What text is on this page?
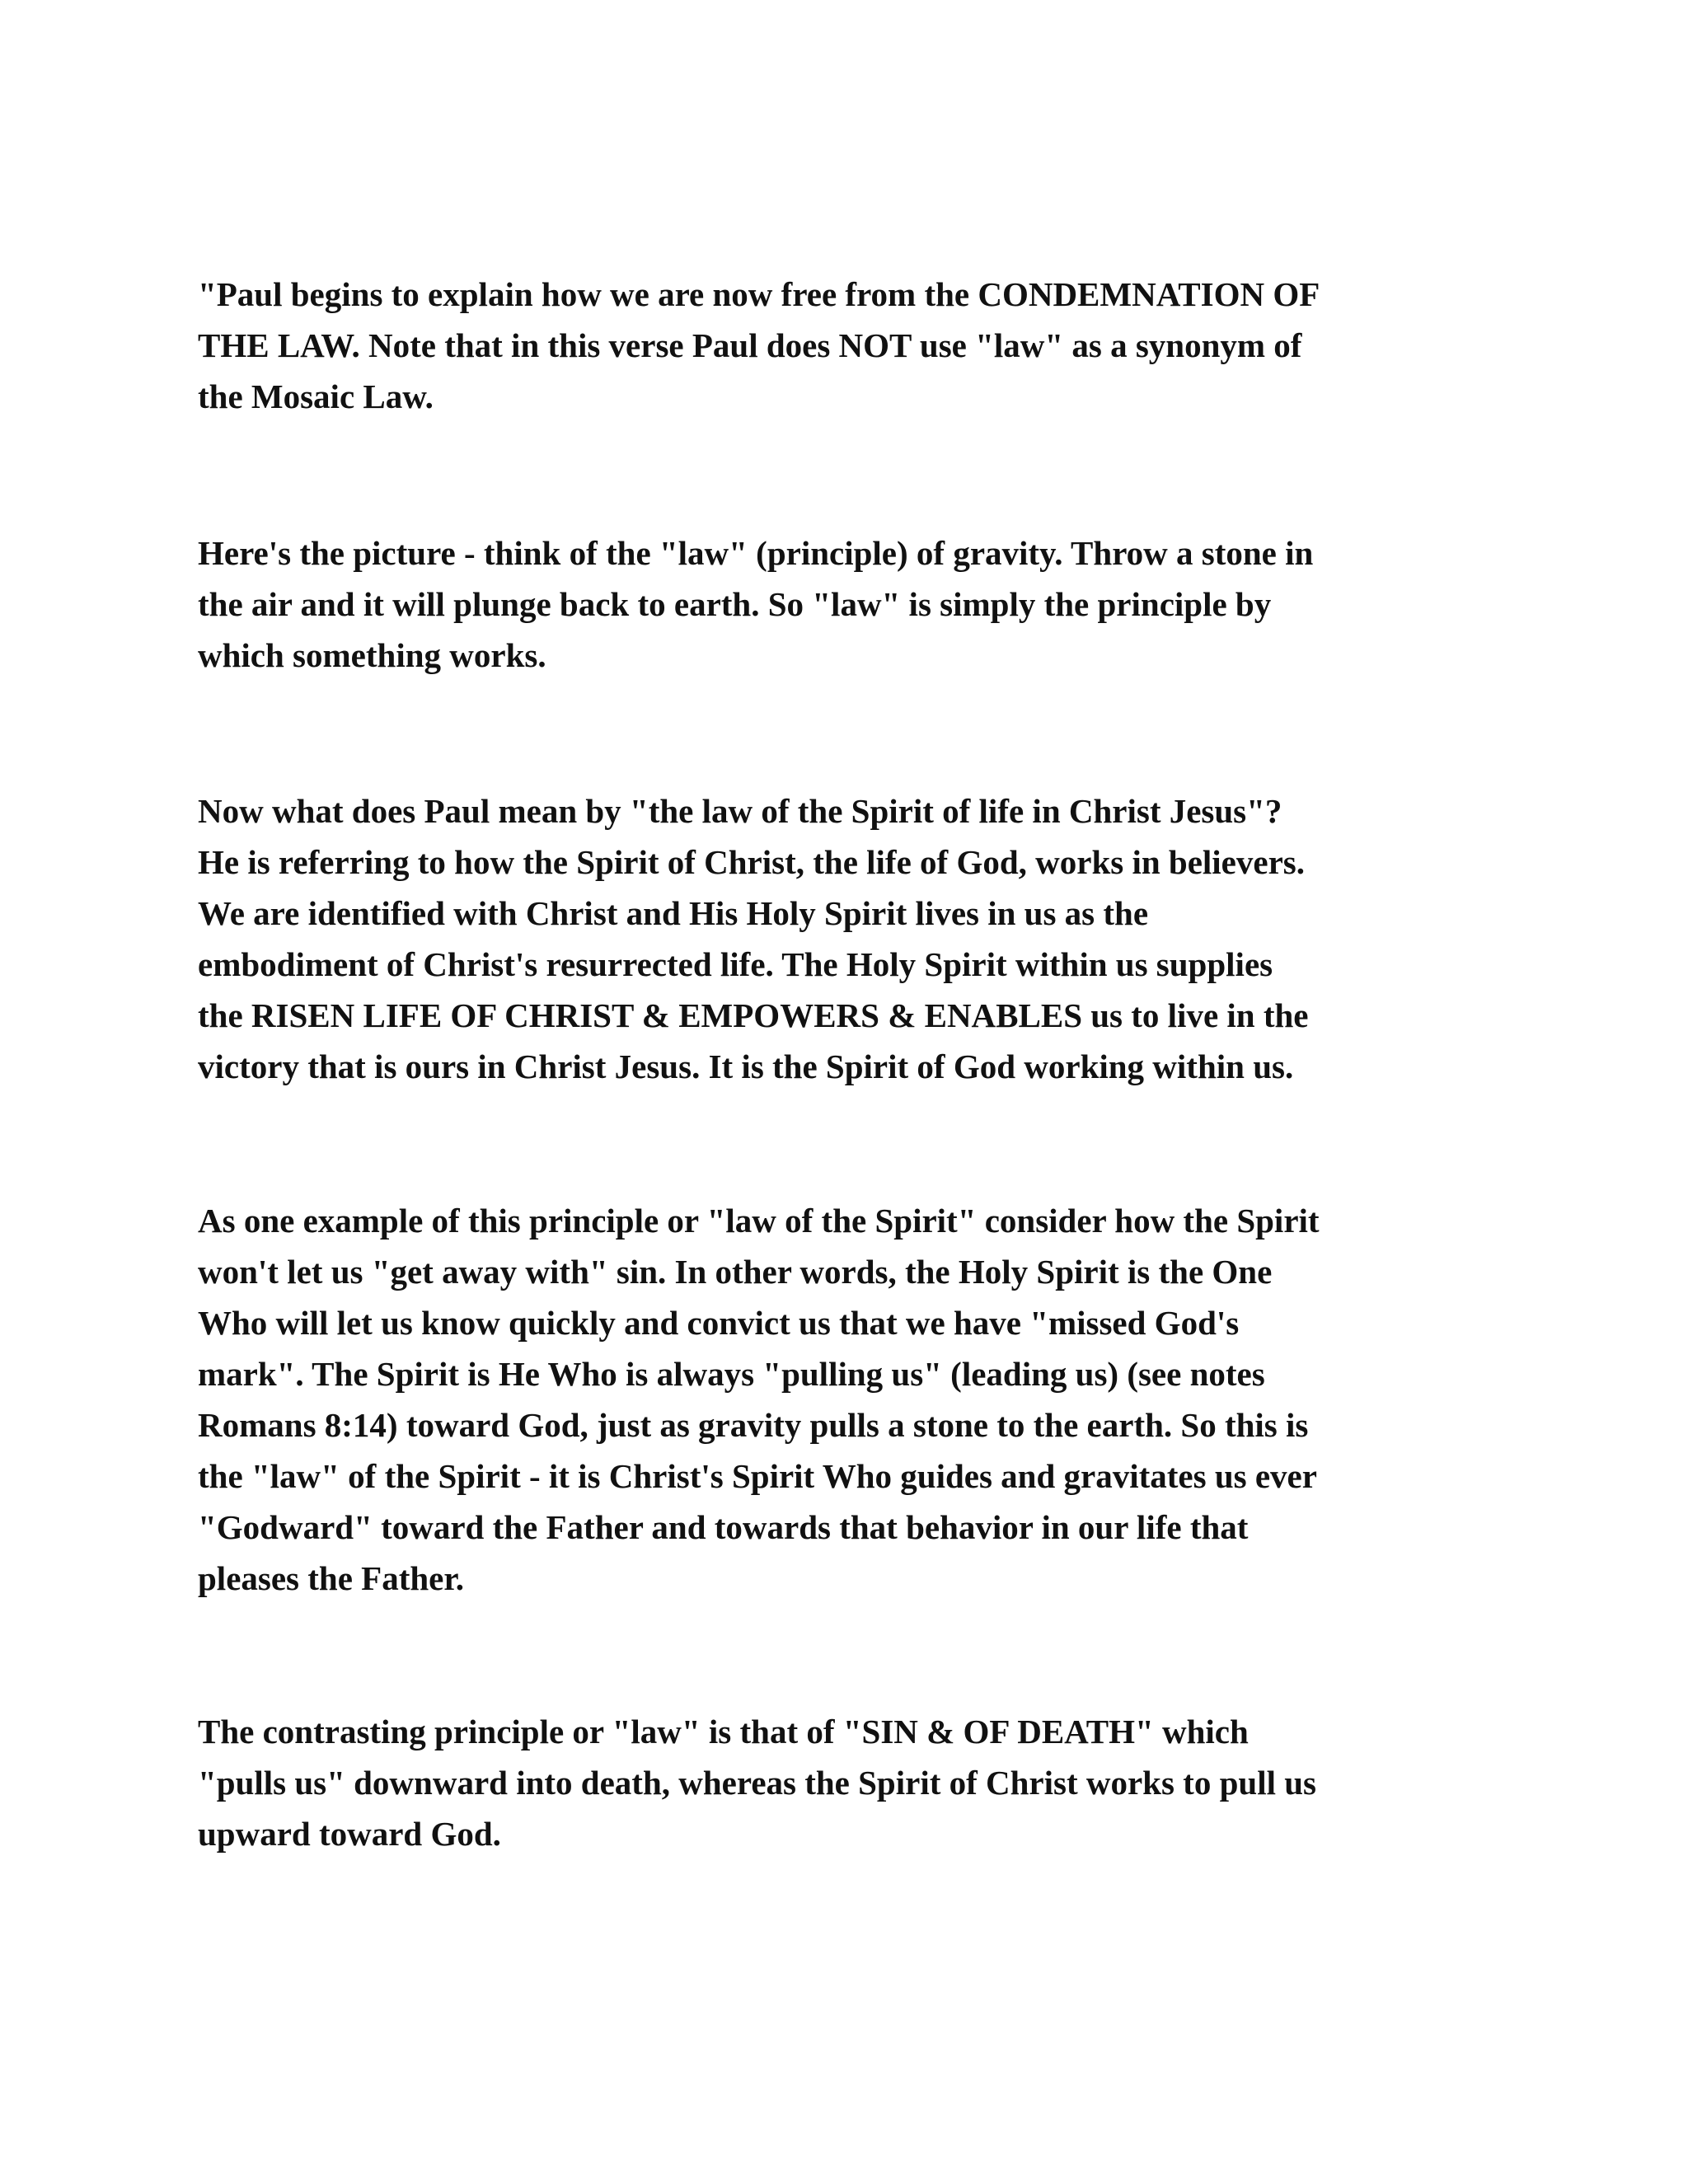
"Paul begins to explain how we are now free from the CONDEMNATION OF
THE LAW. Note that in this verse Paul does NOT use "law" as a synonym of
the Mosaic Law.
Here's the picture - think of the "law" (principle) of gravity. Throw a stone in
the air and it will plunge back to earth. So "law" is simply the principle by
which something works.
Now what does Paul mean by "the law of the Spirit of life in Christ Jesus"?
He is referring to how the Spirit of Christ, the life of God, works in believers.
We are identified with Christ and His Holy Spirit lives in us as the
embodiment of Christ's resurrected life. The Holy Spirit within us supplies
the RISEN LIFE OF CHRIST & EMPOWERS & ENABLES us to live in the
victory that is ours in Christ Jesus. It is the Spirit of God working within us.
As one example of this principle or "law of the Spirit" consider how the Spirit
won't let us "get away with" sin. In other words, the Holy Spirit is the One
Who will let us know quickly and convict us that we have "missed God's
mark". The Spirit is He Who is always "pulling us" (leading us) (see notes
Romans 8:14) toward God, just as gravity pulls a stone to the earth. So this is
the "law" of the Spirit - it is Christ's Spirit Who guides and gravitates us ever
"Godward" toward the Father and towards that behavior in our life that
pleases the Father.
The contrasting principle or "law" is that of "SIN & OF DEATH" which
"pulls us" downward into death, whereas the Spirit of Christ works to pull us
upward toward God.
